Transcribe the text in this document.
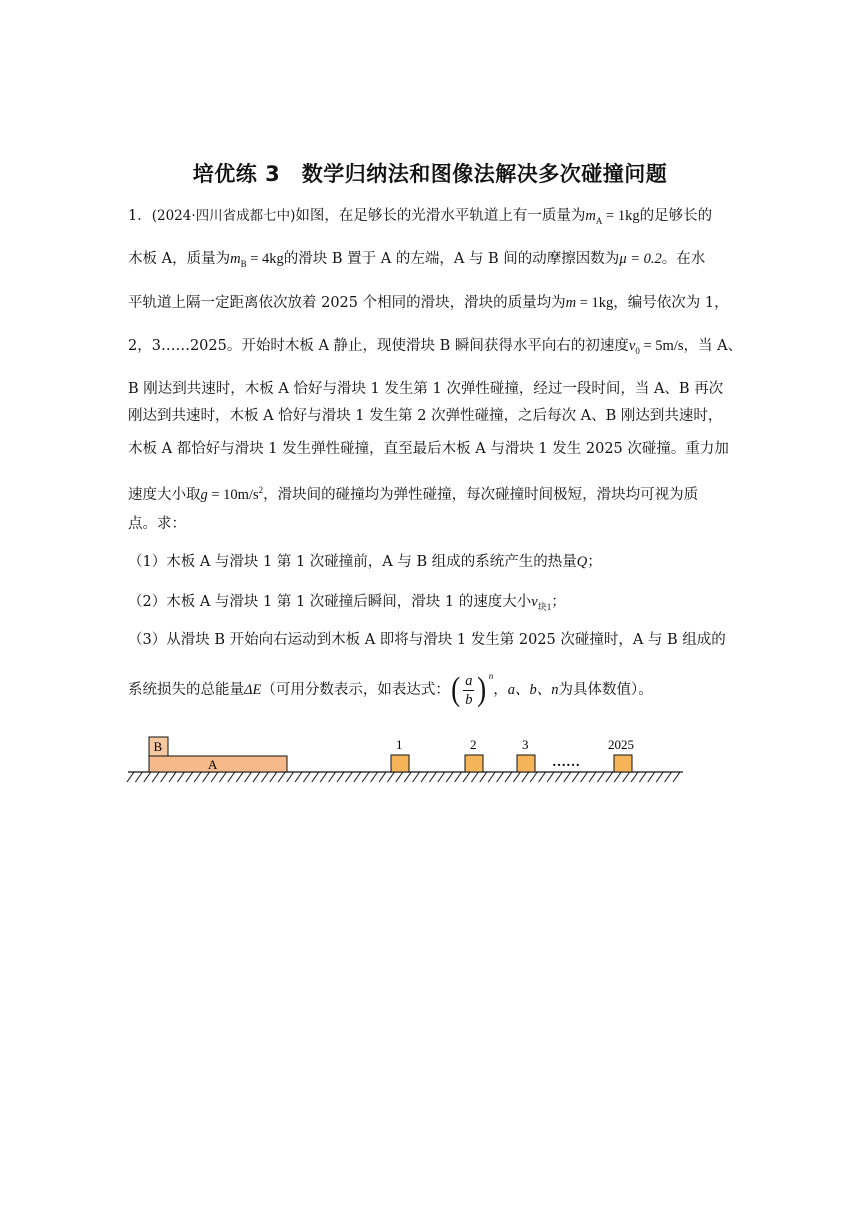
培优练 3　数学归纳法和图像法解决多次碰撞问题
1．(2024·四川省成都七中)如图，在足够长的光滑水平轨道上有一质量为$m_A = 1kg$的足够长的
木板 A，质量为$m_B = 4kg$的滑块 B 置于 A 的左端，A 与 B 间的动摩擦因数为μ = 0.2。在水
平轨道上隔一定距离依次放着 2025 个相同的滑块，滑块的质量均为m = 1kg，编号依次为 1，
2，3……2025。开始时木板 A 静止，现使滑块 B 瞬间获得水平向右的初速度$v_0 = 5m/s$，当 A、
B 刚达到共速时，木板 A 恰好与滑块 1 发生第 1 次弹性碰撞，经过一段时间，当 A、B 再次
刚达到共速时，木板 A 恰好与滑块 1 发生第 2 次弹性碰撞，之后每次 A、B 刚达到共速时，
木板 A 都恰好与滑块 1 发生弹性碰撞，直至最后木板 A 与滑块 1 发生 2025 次碰撞。重力加
速度大小取$g = 10m/s^2$，滑块间的碰撞均为弹性碰撞，每次碰撞时间极短，滑块均可视为质
点。求：
（1）木板 A 与滑块 1 第 1 次碰撞前，A 与 B 组成的系统产生的热量Q；
（2）木板 A 与滑块 1 第 1 次碰撞后瞬间，滑块 1 的速度大小$v_{块1}$；
（3）从滑块 B 开始向右运动到木板 A 即将与滑块 1 发生第 2025 次碰撞时，A 与 B 组成的
系统损失的总能量 ΔE （可用分数表示，如表达式： ( $\frac{a}{b}$ ) n
， a、b、n 为具体数值）。
A
B	1	2	3
……
2025
